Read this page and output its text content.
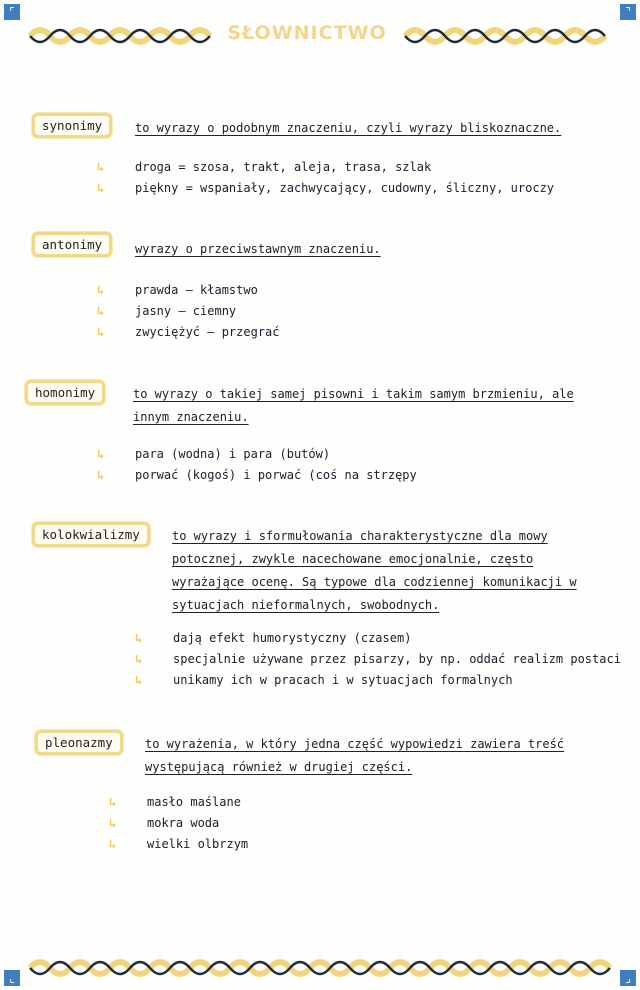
⌜	⌝
⌞	⌟
SŁOWNICTWO
synonimy	to wyrazy o podobnym znaczeniu, czyli wyrazy bliskoznaczne.
↳	droga = szosa, trakt, aleja, trasa, szlak
↳	piękny = wspaniały, zachwycający, cudowny, śliczny, uroczy
antonimy	wyrazy o przeciwstawnym znaczeniu.
↳	prawda — kłamstwo
↳	jasny — ciemny
↳	zwyciężyć — przegrać
homonimy	to wyrazy o takiej samej pisowni i takim samym brzmieniu, ale innym znaczeniu.
↳	para (wodna) i para (butów)
↳	porwać (kogoś) i porwać (coś na strzępy
kolokwializmy	to wyrazy i sformułowania charakterystyczne dla mowy potocznej, zwykle nacechowane emocjonalnie, często wyrażające ocenę. Są typowe dla codziennej komunikacji w sytuacjach nieformalnych, swobodnych.
↳	dają efekt humorystyczny (czasem)
↳	specjalnie używane przez pisarzy, by np. oddać realizm postaci
↳	unikamy ich w pracach i w sytuacjach formalnych
pleonazmy	to wyrażenia, w który jedna część wypowiedzi zawiera treść występującą również w drugiej części.
↳	masło maślane
↳	mokra woda
↳	wielki olbrzym
